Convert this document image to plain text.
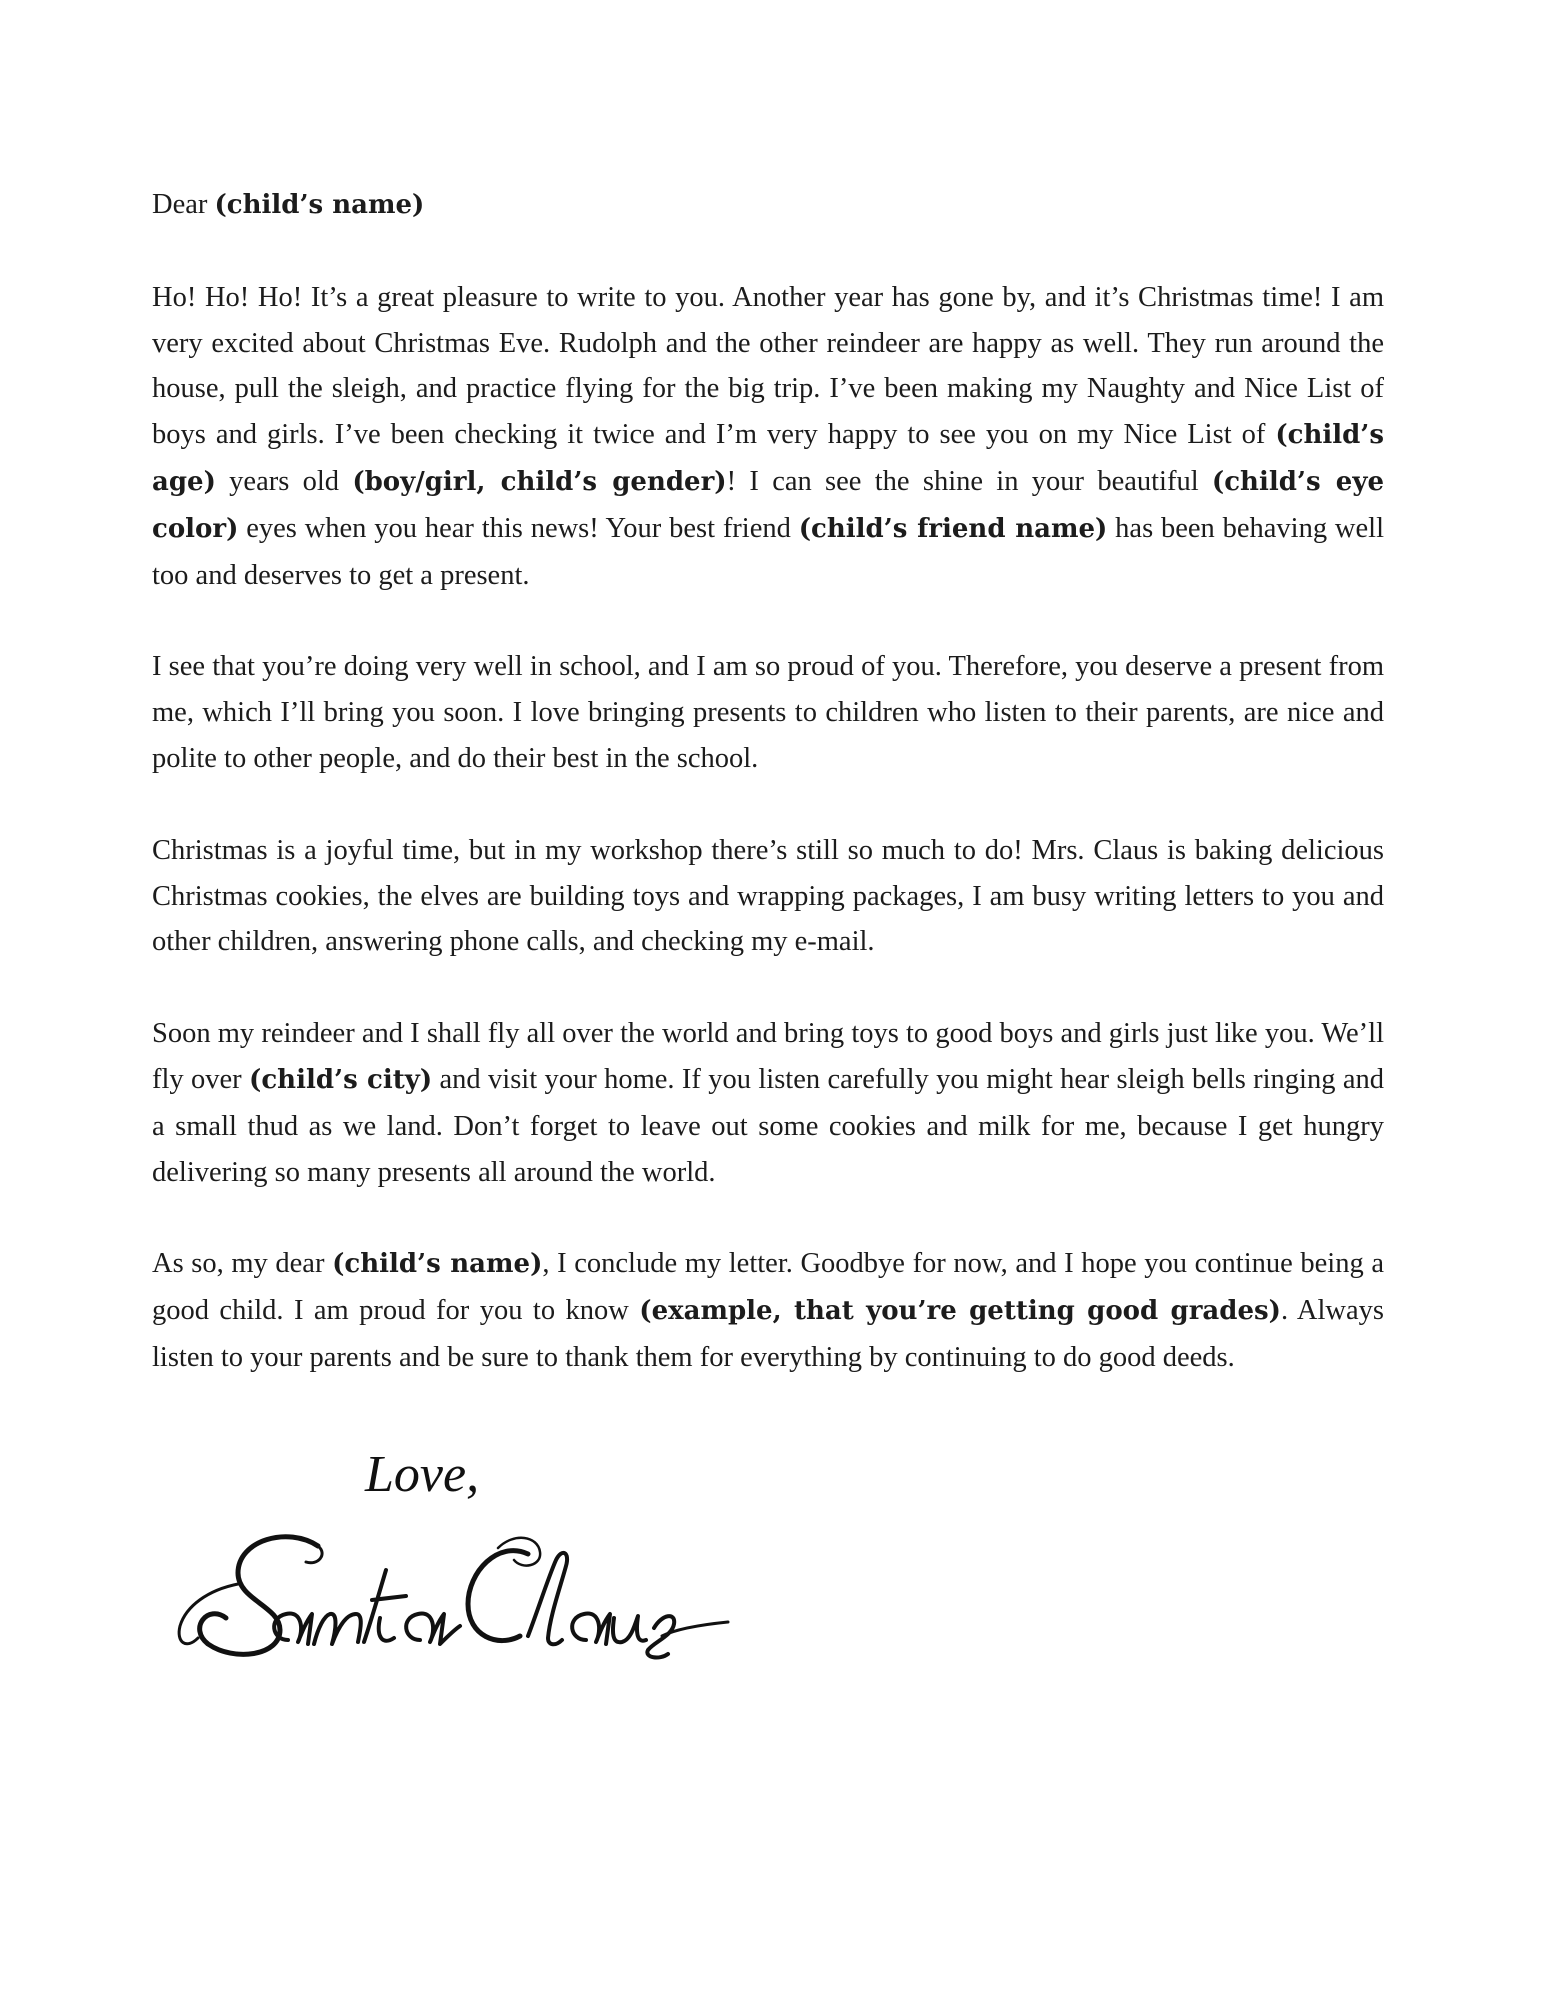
Dear (child’s name)

Ho! Ho! Ho! It’s a great pleasure to write to you. Another year has gone by, and it’s Christmas time! I am very excited about Christmas Eve. Rudolph and the other reindeer are happy as well. They run around the house, pull the sleigh, and practice flying for the big trip. I’ve been making my Naughty and Nice List of boys and girls. I’ve been checking it twice and I’m very happy to see you on my Nice List of (child’s age) years old (boy/girl, child’s gender)! I can see the shine in your beautiful (child’s eye color) eyes when you hear this news! Your best friend (child’s friend name) has been behaving well too and deserves to get a present.

I see that you’re doing very well in school, and I am so proud of you. Therefore, you deserve a present from me, which I’ll bring you soon. I love bringing presents to children who listen to their parents, are nice and polite to other people, and do their best in the school.

Christmas is a joyful time, but in my workshop there’s still so much to do! Mrs. Claus is baking delicious Christmas cookies, the elves are building toys and wrapping packages, I am busy writing letters to you and other children, answering phone calls, and checking my e-mail.

Soon my reindeer and I shall fly all over the world and bring toys to good boys and girls just like you. We’ll fly over (child’s city) and visit your home. If you listen carefully you might hear sleigh bells ringing and a small thud as we land. Don’t forget to leave out some cookies and milk for me, because I get hungry delivering so many presents all around the world.

As so, my dear (child’s name), I conclude my letter. Goodbye for now, and I hope you continue being a good child. I am proud for you to know (example, that you’re getting good grades). Always listen to your parents and be sure to thank them for everything by continuing to do good deeds.

Love,
